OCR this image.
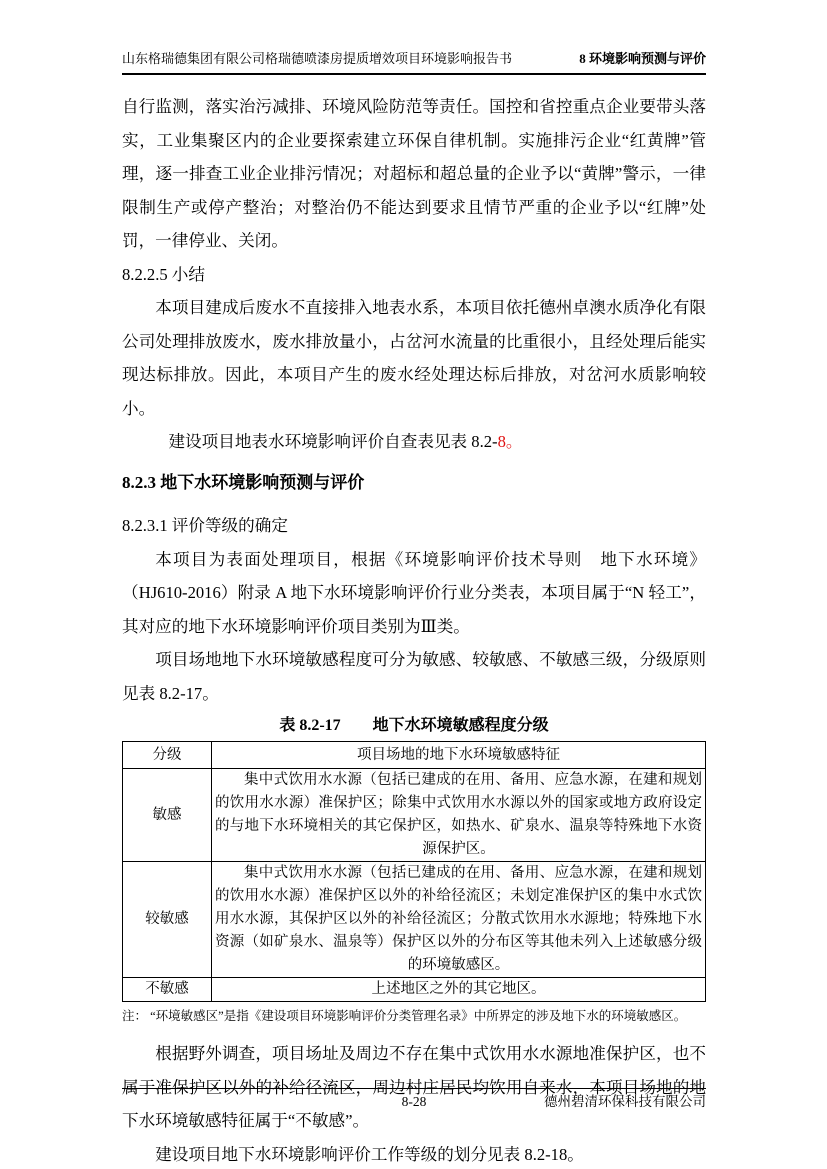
山东格瑞德集团有限公司格瑞德喷漆房提质增效项目环境影响报告书	8 环境影响预测与评价

自行监测，落实治污减排、环境风险防范等责任。国控和省控重点企业要带头落实，工业集聚区内的企业要探索建立环保自律机制。实施排污企业“红黄牌”管理，逐一排查工业企业排污情况；对超标和超总量的企业予以“黄牌”警示，一律限制生产或停产整治；对整治仍不能达到要求且情节严重的企业予以“红牌”处罚，一律停业、关闭。

8.2.2.5 小结

本项目建成后废水不直接排入地表水系，本项目依托德州卓澳水质净化有限公司处理排放废水，废水排放量小，占岔河水流量的比重很小，且经处理后能实现达标排放。因此，本项目产生的废水经处理达标后排放，对岔河水质影响较小。

建设项目地表水环境影响评价自查表见表 8.2-8。

8.2.3 地下水环境影响预测与评价

8.2.3.1 评价等级的确定

本项目为表面处理项目，根据《环境影响评价技术导则　地下水环境》（HJ610-2016）附录 A 地下水环境影响评价行业分类表，本项目属于“N 轻工”，其对应的地下水环境影响评价项目类别为Ⅲ类。

项目场地地下水环境敏感程度可分为敏感、较敏感、不敏感三级，分级原则见表 8.2-17。

表 8.2-17　　地下水环境敏感程度分级
分级	项目场地的地下水环境敏感特征
敏感	集中式饮用水水源（包括已建成的在用、备用、应急水源，在建和规划的饮用水水源）准保护区；除集中式饮用水水源以外的国家或地方政府设定的与地下水环境相关的其它保护区，如热水、矿泉水、温泉等特殊地下水资源保护区。
较敏感	集中式饮用水水源（包括已建成的在用、备用、应急水源，在建和规划的饮用水水源）准保护区以外的补给径流区；未划定准保护区的集中水式饮用水水源，其保护区以外的补给径流区；分散式饮用水水源地；特殊地下水资源（如矿泉水、温泉等）保护区以外的分布区等其他未列入上述敏感分级的环境敏感区。
不敏感	上述地区之外的其它地区。
注： “环境敏感区”是指《建设项目环境影响评价分类管理名录》中所界定的涉及地下水的环境敏感区。

根据野外调查，项目场址及周边不存在集中式饮用水水源地准保护区，也不属于准保护区以外的补给径流区，周边村庄居民均饮用自来水，本项目场地的地下水环境敏感特征属于“不敏感”。

建设项目地下水环境影响评价工作等级的划分见表 8.2-18。

8-28	德州碧清环保科技有限公司
